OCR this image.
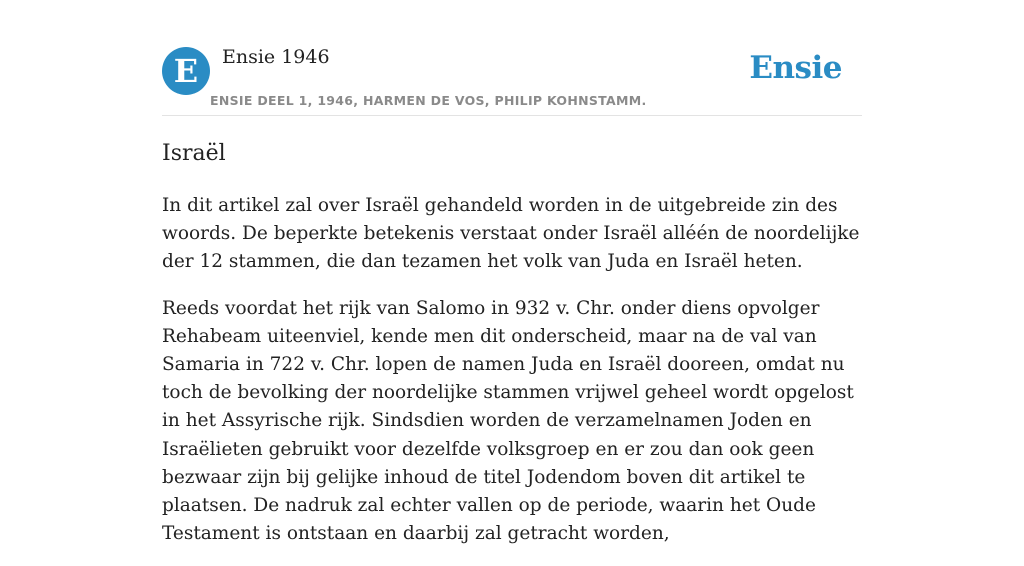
E	Ensie 1946
ENSIE DEEL 1, 1946, HARMEN DE VOS, PHILIP KOHNSTAMM.
Ensie
Israël

In dit artikel zal over Israël gehandeld worden in de uitgebreide zin des woords. De beperkte betekenis verstaat onder Israël alléén de noordelijke der 12 stammen, die dan tezamen het volk van Juda en Israël heten.

Reeds voordat het rijk van Salomo in 932 v. Chr. onder diens opvolger Rehabeam uiteenviel, kende men dit onderscheid, maar na de val van Samaria in 722 v. Chr. lopen de namen Juda en Israël dooreen, omdat nu toch de bevolking der noordelijke stammen vrijwel geheel wordt opgelost in het Assyrische rijk. Sindsdien worden de verzamelnamen Joden en Israëlieten gebruikt voor dezelfde volksgroep en er zou dan ook geen bezwaar zijn bij gelijke inhoud de titel Jodendom boven dit artikel te plaatsen. De nadruk zal echter vallen op de periode, waarin het Oude Testament is ontstaan en daarbij zal getracht worden,
